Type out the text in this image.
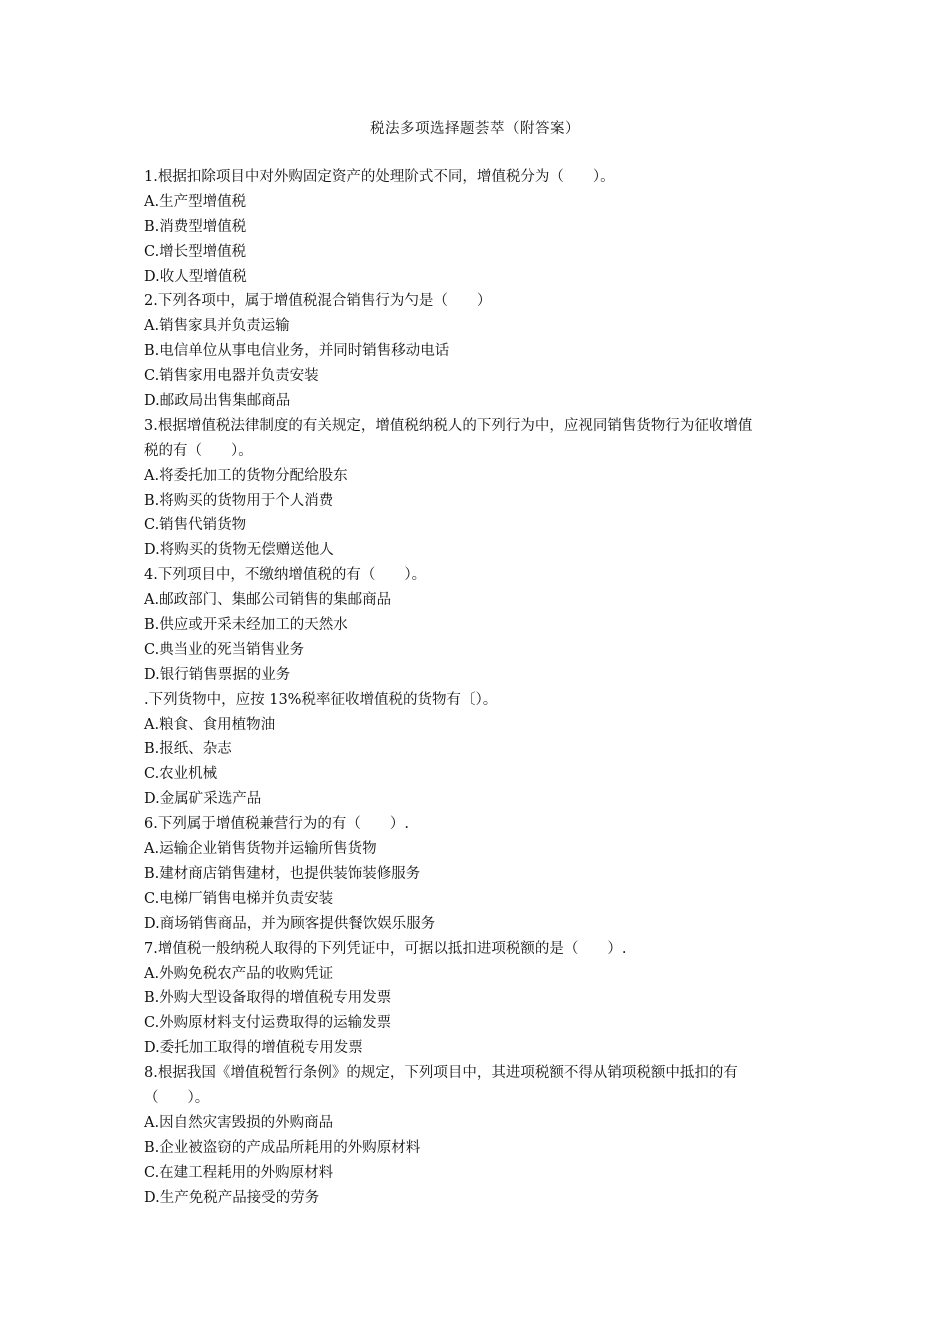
税法多项选择题荟萃（附答案）
1.根据扣除项目中对外购固定资产的处理阶式不同，增值税分为（　　）。
A.生产型增值税
B.消费型增值税
C.增长型增值税
D.收人型增值税
2.下列各项中，属于增值税混合销售行为勺是（　　）
A.销售家具并负责运输
B.电信单位从事电信业务，并同时销售移动电话
C.销售家用电器并负责安装
D.邮政局出售集邮商品
3.根据增值税法律制度的有关规定，增值税纳税人的下列行为中，应视同销售货物行为征收增值
税的有（　　）。
A.将委托加工的货物分配给股东
B.将购买的货物用于个人消费
C.销售代销货物
D.将购买的货物无偿赠送他人
4.下列项目中，不缴纳增值税的有（　　）。
A.邮政部门、集邮公司销售的集邮商品
B.供应或开采未经加工的天然水
C.典当业的死当销售业务
D.银行销售票据的业务
.下列货物中，应按 13%税率征收增值税的货物有〔）。
A.粮食、食用植物油
B.报纸、杂志
C.农业机械
D.金属矿采选产品
6.下列属于增值税兼营行为的有（　　）.
A.运输企业销售货物并运输所售货物
B.建材商店销售建材，也提供装饰装修服务
C.电梯厂销售电梯并负责安装
D.商场销售商品，并为顾客提供餐饮娱乐服务
7.增值税一般纳税人取得的下列凭证中，可据以抵扣进项税额的是（　　）.
A.外购免税农产品的收购凭证
B.外购大型设备取得的增值税专用发票
C.外购原材料支付运费取得的运输发票
D.委托加工取得的增值税专用发票
8.根据我国《增值税暂行条例》的规定，下列项目中，其进项税额不得从销项税额中抵扣的有
（　　）。
A.因自然灾害毁损的外购商品
B.企业被盗窃的产成品所耗用的外购原材料
C.在建工程耗用的外购原材料
D.生产免税产品接受的劳务
